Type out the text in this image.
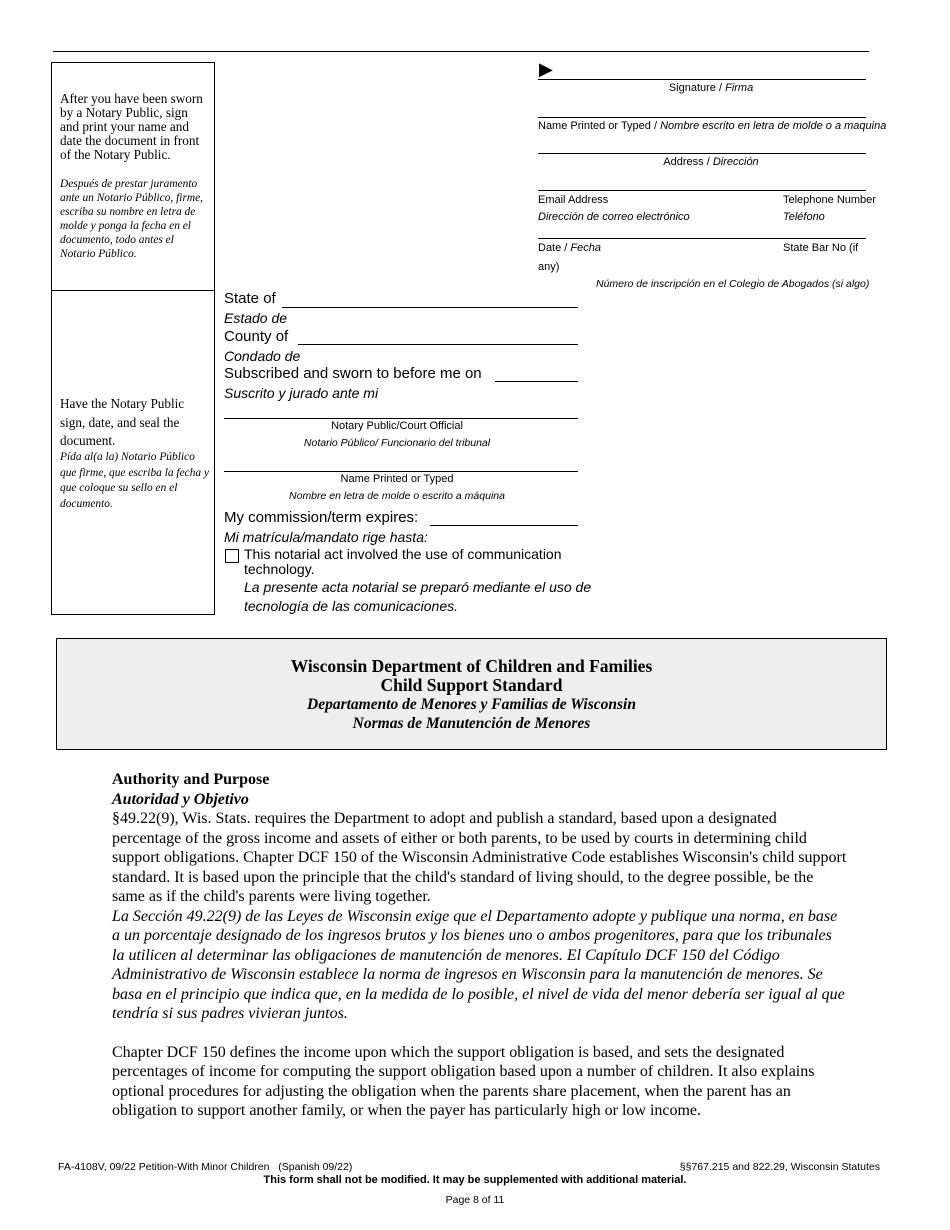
After you have been sworn by a Notary Public, sign and print your name and date the document in front of the Notary Public.
Después de prestar juramento ante un Notario Público, firme, escriba su nombre en letra de molde y ponga la fecha en el documento, todo antes el Notario Público.
Have the Notary Public sign, date, and seal the document.
Pída al(a la) Notario Público que firme, que escriba la fecha y que coloque su sello en el documento.
▶
Signature / Firma
Name Printed or Typed / Nombre escrito en letra de molde o a maquina
Address / Dirección
Email Address
Dirección de correo electrónico
Telephone Number
Teléfono
Date / Fecha	State Bar No (if
any)
Número de inscripción en el Colegio de Abogados (si algo)
State of
Estado de
County of
Condado de
Subscribed and sworn to before me on
Suscrito y jurado ante mi
Notary Public/Court Official
Notario Público/ Funcionario del tribunal
Name Printed or Typed
Nombre en letra de molde o escrito a máquina
My commission/term expires:
Mi matrícula/mandato rige hasta:
This notarial act involved the use of communication
technology.
La presente acta notarial se preparó mediante el uso de
tecnología de las comunicaciones.
Wisconsin Department of Children and Families
Child Support Standard
Departamento de Menores y Familias de Wisconsin
Normas de Manutención de Menores
Authority and Purpose
Autoridad y Objetivo
§49.22(9), Wis. Stats. requires the Department to adopt and publish a standard, based upon a designated percentage of the gross income and assets of either or both parents, to be used by courts in determining child support obligations. Chapter DCF 150 of the Wisconsin Administrative Code establishes Wisconsin's child support standard. It is based upon the principle that the child's standard of living should, to the degree possible, be the same as if the child's parents were living together.
La Sección 49.22(9) de las Leyes de Wisconsin exige que el Departamento adopte y publique una norma, en base a un porcentaje designado de los ingresos brutos y los bienes uno o ambos progenitores, para que los tribunales la utilicen al determinar las obligaciones de manutención de menores. El Capítulo DCF 150 del Código Administrativo de Wisconsin establece la norma de ingresos en Wisconsin para la manutención de menores. Se basa en el principio que indica que, en la medida de lo posible, el nivel de vida del menor debería ser igual al que tendría si sus padres vivieran juntos.
Chapter DCF 150 defines the income upon which the support obligation is based, and sets the designated percentages of income for computing the support obligation based upon a number of children. It also explains optional procedures for adjusting the obligation when the parents share placement, when the parent has an obligation to support another family, or when the payer has particularly high or low income.
FA-4108V, 09/22 Petition-With Minor Children   (Spanish 09/22)	§§767.215 and 822.29, Wisconsin Statutes
This form shall not be modified. It may be supplemented with additional material.
Page 8 of 11
